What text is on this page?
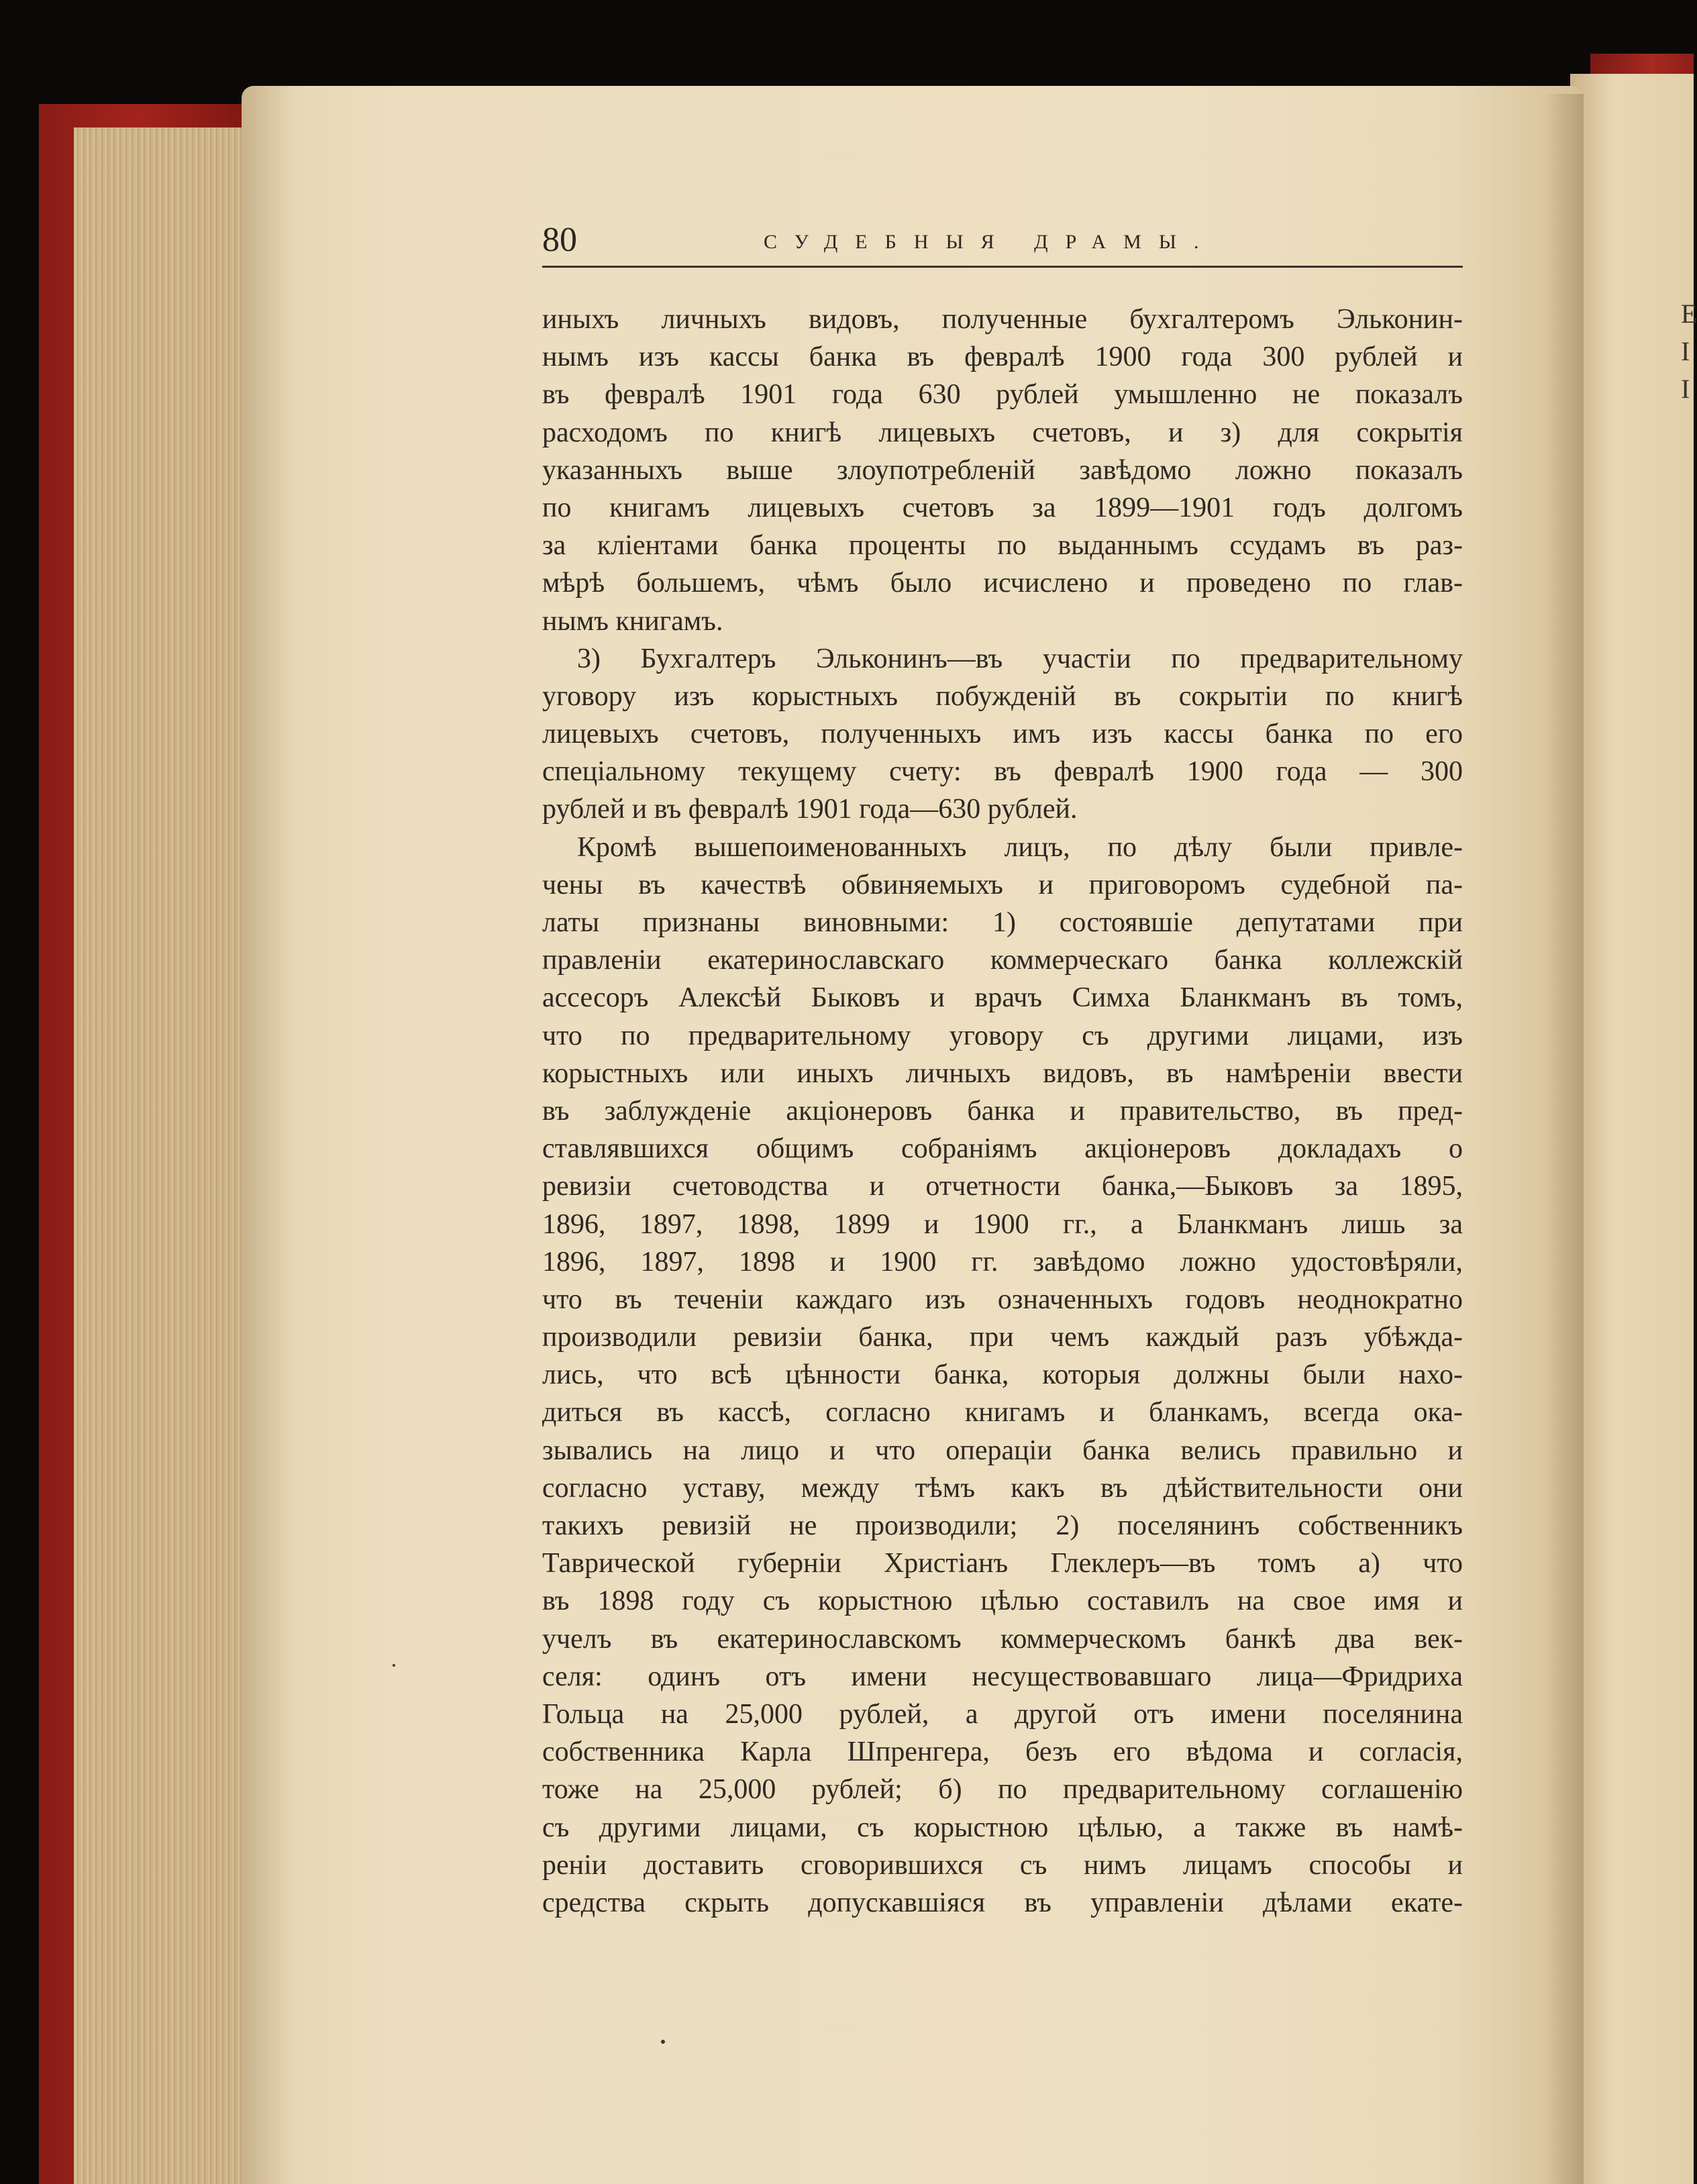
Е
І
І
80	СУДЕБНЫЯ ДРАМЫ.
иныхъ личныхъ видовъ, полученные бухгалтеромъ Эльконин-
нымъ изъ кассы банка въ февралѣ 1900 года 300 рублей и
въ февралѣ 1901 года 630 рублей умышленно не показалъ
расходомъ по книгѣ лицевыхъ счетовъ, и з) для сокрытія
указанныхъ выше злоупотребленій завѣдомо ложно показалъ
по книгамъ лицевыхъ счетовъ за 1899—1901 годъ долгомъ
за кліентами банка проценты по выданнымъ ссудамъ въ раз-
мѣрѣ большемъ, чѣмъ было исчислено и проведено по глав-
нымъ книгамъ.
3) Бухгалтеръ Эльконинъ—въ участіи по предварительному
уговору изъ корыстныхъ побужденій въ сокрытіи по книгѣ
лицевыхъ счетовъ, полученныхъ имъ изъ кассы банка по его
спеціальному текущему счету: въ февралѣ 1900 года — 300
рублей и въ февралѣ 1901 года—630 рублей.
Кромѣ вышепоименованныхъ лицъ, по дѣлу были привле-
чены въ качествѣ обвиняемыхъ и приговоромъ судебной па-
латы признаны виновными: 1) состоявшіе депутатами при
правленіи екатеринославскаго коммерческаго банка коллежскій
ассесоръ Алексѣй Быковъ и врачъ Симха Бланкманъ въ томъ,
что по предварительному уговору съ другими лицами, изъ
корыстныхъ или иныхъ личныхъ видовъ, въ намѣреніи ввести
въ заблужденіе акціонеровъ банка и правительство, въ пред-
ставлявшихся общимъ собраніямъ акціонеровъ докладахъ о
ревизіи счетоводства и отчетности банка,—Быковъ за 1895,
1896, 1897, 1898, 1899 и 1900 гг., а Бланкманъ лишь за
1896, 1897, 1898 и 1900 гг. завѣдомо ложно удостовѣряли,
что въ теченіи каждаго изъ означенныхъ годовъ неоднократно
производили ревизіи банка, при чемъ каждый разъ убѣжда-
лись, что всѣ цѣнности банка, которыя должны были нахо-
диться въ кассѣ, согласно книгамъ и бланкамъ, всегда ока-
зывались на лицо и что операціи банка велись правильно и
согласно уставу, между тѣмъ какъ въ дѣйствительности они
такихъ ревизій не производили; 2) поселянинъ собственникъ
Таврической губерніи Христіанъ Глеклеръ—въ томъ а) что
въ 1898 году съ корыстною цѣлью составилъ на свое имя и
учелъ въ екатеринославскомъ коммерческомъ банкѣ два век-
селя: одинъ отъ имени несуществовавшаго лица—Фридриха
Гольца на 25,000 рублей, а другой отъ имени поселянина
собственника Карла Шпренгера, безъ его вѣдома и согласія,
тоже на 25,000 рублей; б) по предварительному соглашенію
съ другими лицами, съ корыстною цѣлью, а также въ намѣ-
реніи доставить сговорившихся съ нимъ лицамъ способы и
средства скрыть допускавшіяся въ управленіи дѣлами екате-
